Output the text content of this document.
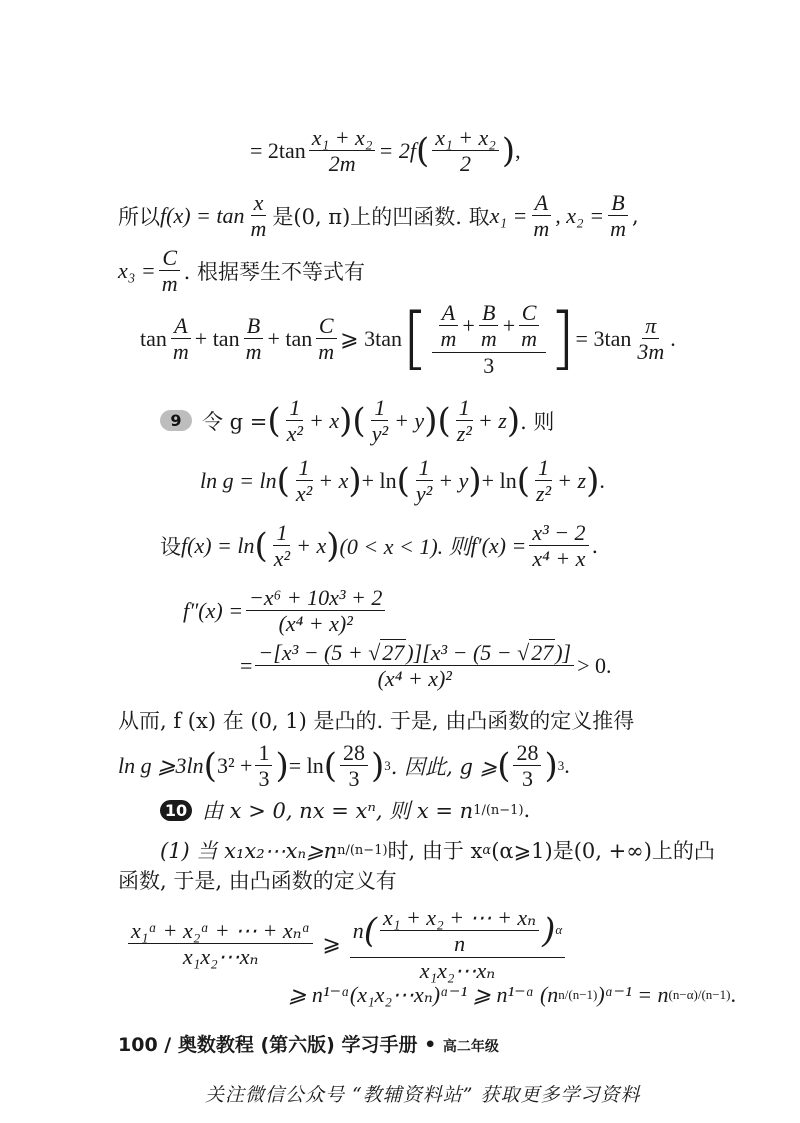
= $2\tan \frac{\text{x₁ + x₂}}{2m} = 2f$ ( $\frac{\text{x₁ + x₂}}{2}$ ) ,
所以 $f(x) = \tan \frac{x}{m}$ 是(0, π)上的凹函数. 取 $x_1 = \frac{A}{m}$ , $x_2 = \frac{B}{m}$ ,
$x_3 = \frac{C}{m}$ . 根据琴生不等式有
$\tan \frac{A}{m} + \tan \frac{B}{m} + \tan \frac{C}{m}$ ⩾ 3tan [ $\frac{\frac{A}{m} + \frac{B}{m} + \frac{C}{m}}{3}$ ] = $3\tan \frac{\pi}{3m}$ .
9 令 g = ( $\frac{1}{\text{x²}} + x$ ) ( $\frac{1}{\text{y²}} + y$ ) ( $\frac{1}{\text{z²}} + z$ ) . 则
ln g = ln ( $\frac{1}{\text{x²}} + x$ ) + ln ( $\frac{1}{\text{y²}} + y$ ) + ln ( $\frac{1}{\text{z²}} + z$ ) .
设 f(x) = ln ( $\frac{1}{\text{x²}} + x$ ) (0 < x < 1). 则 $f'(x) = \frac{\text{x³ − 2}}{\text{x⁴ + x}}$ .
$f''(x) = \frac{\text{−x⁶ + 10x³ + 2}}{\text{(x⁴ + x)²}}$
= $\frac{\text{−[x³ − (5 + √27)][x³ − (5 − √27)]}}{\text{(x⁴ + x)²}} > 0$.
从而, f (x) 在 (0, 1) 是凸的. 于是, 由凸函数的定义推得
ln g ⩾3ln ( $3^2 + \frac{1}{3}$ ) = ln ( $\frac{28}{3}$ ) 3 . 因此, g ⩾ ( $\frac{28}{3}$ ) 3 .
10 由 x > 0, nx = xⁿ, 则 x = n 1/(n−1) .
(1) 当 x₁x₂⋯xₙ⩾n n/(n−1) 时, 由于 x α (α⩾1)是(0, +∞)上的凸
函数, 于是, 由凸函数的定义有
$\frac{\text{x₁ᵅ + x₂ᵅ + ⋯ + xₙᵅ}}{\text{x₁x₂⋯xₙ}}$ ⩾ $\frac{n ( \frac{\text{x₁ + x₂ + ⋯ + xₙ}}{n} ) \alpha}{\text{x₁x₂⋯xₙ}}$
⩾ n¹⁻ᵅ(x₁x₂⋯xₙ)ᵅ⁻¹ ⩾ n¹⁻ᵅ (n n/(n−1) )ᵅ⁻¹ = n (n−α)/(n−1) .
100 / 奥数教程 (第六版) 学习手册 • 高二年级
关注微信公众号 “教辅资料站” 获取更多学习资料
